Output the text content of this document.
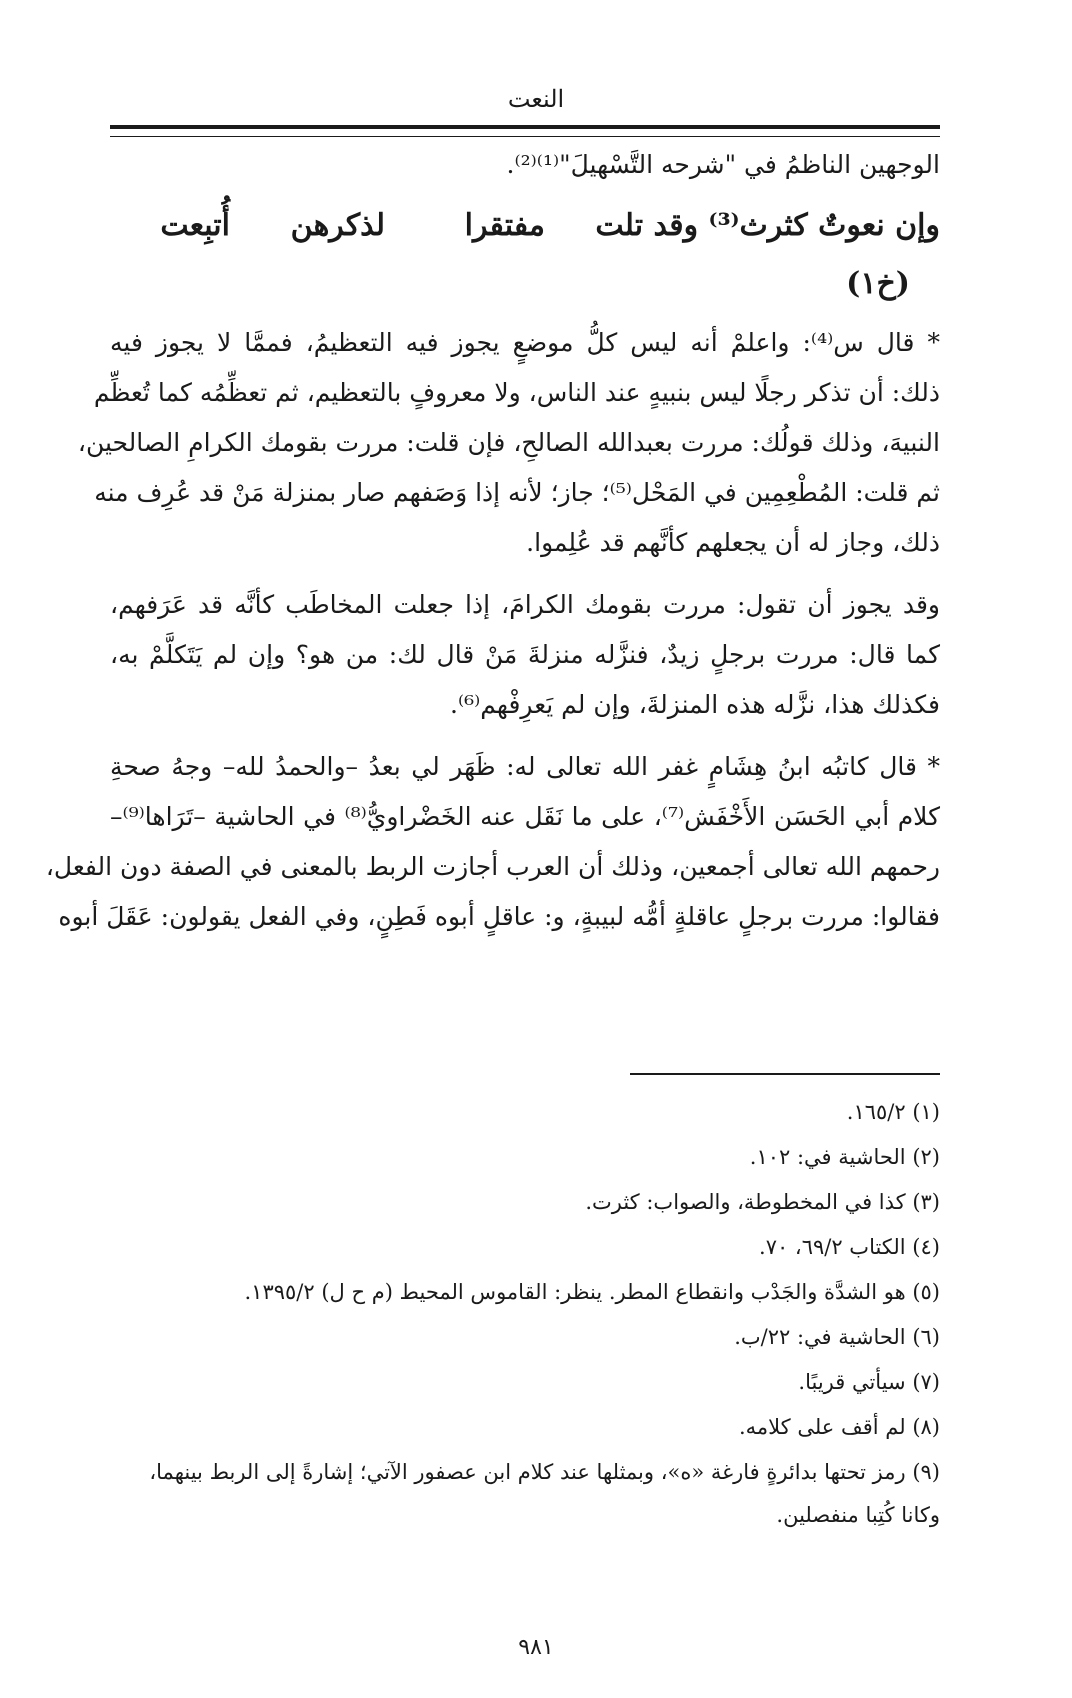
النعت
الوجهين الناظمُ في "شرحه التَّسْهيلَ"⁽¹⁾⁽²⁾.
وإن نعوتٌ كثرث⁽³⁾ وقد تلت
مفتقرا
لذكرهن
أُتبِعت
(خ١)
* قال س⁽⁴⁾: واعلمْ أنه ليس كلُّ موضعٍ يجوز فيه التعظيمُ، فممَّا لا يجوز فيه
ذلك: أن تذكر رجلًا ليس بنبيهٍ عند الناس، ولا معروفٍ بالتعظيم، ثم تعظِّمُه كما تُعظِّم
النبيهَ، وذلك قولُك: مررت بعبدالله الصالحِ، فإن قلت: مررت بقومك الكرامِ الصالحين،
ثم قلت: المُطْعِمِين في المَحْل⁽⁵⁾؛ جاز؛ لأنه إذا وَصَفهم صار بمنزلة مَنْ قد عُرِف منه
ذلك، وجاز له أن يجعلهم كأنَّهم قد عُلِموا.
وقد يجوز أن تقول: مررت بقومك الكرامَ، إذا جعلت المخاطَب كأنَّه قد عَرَفهم،
كما قال: مررت برجلٍ زيدٌ، فنزَّله منزلةَ مَنْ قال لك: من هو؟ وإن لم يَتَكلَّمْ به،
فكذلك هذا، نزَّله هذه المنزلةَ، وإن لم يَعرِفْهم⁽⁶⁾.
* قال كاتبُه ابنُ هِشَامٍ غفر الله تعالى له: ظَهَر لي بعدُ –والحمدُ لله– وجهُ صحةِ
كلام أبي الحَسَن الأَخْفَش⁽⁷⁾، على ما نَقَل عنه الخَضْراويُّ⁽⁸⁾ في الحاشية –تَرَاها⁽⁹⁾–
رحمهم الله تعالى أجمعين، وذلك أن العرب أجازت الربط بالمعنى في الصفة دون الفعل،
فقالوا: مررت برجلٍ عاقلةٍ أمُّه لبيبةٍ، و: عاقلٍ أبوه فَطِنٍ، وفي الفعل يقولون: عَقَلَ أبوه
(١) ١٦٥/٢.
(٢) الحاشية في: ١٠٢.
(٣) كذا في المخطوطة، والصواب: كثرت.
(٤) الكتاب ٦٩/٢، ٧٠.
(٥) هو الشدَّة والجَدْب وانقطاع المطر. ينظر: القاموس المحيط (م ح ل) ١٣٩٥/٢.
(٦) الحاشية في: ٢٢/ب.
(٧) سيأتي قريبًا.
(٨) لم أقف على كلامه.
(٩) رمز تحتها بدائرةٍ فارغة «ه»، وبمثلها عند كلام ابن عصفور الآتي؛ إشارةً إلى الربط بينهما،
وكانا كُتِبا منفصلين.
٩٨١
